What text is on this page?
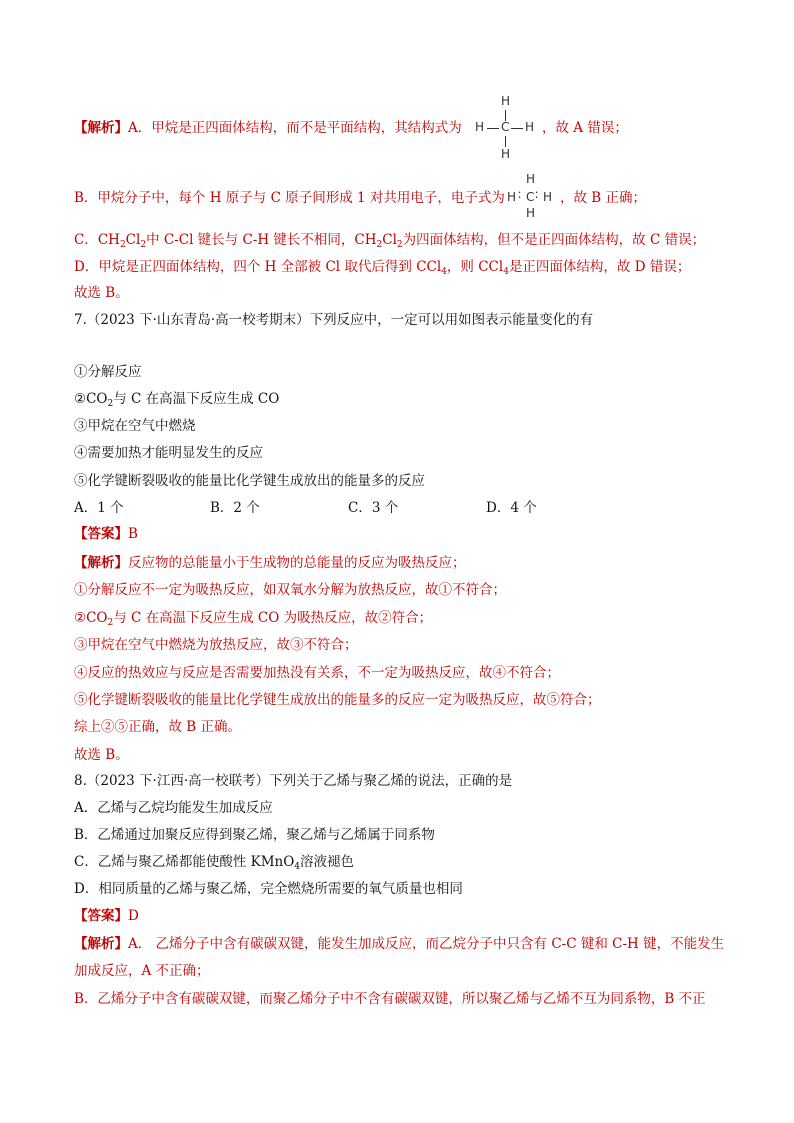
【解析】A．甲烷是正四面体结构，而不是平面结构，其结构式为
H
H C H
H
，故 A 错误；
B．甲烷分子中，每个 H 原子与 C 原子间形成 1 对共用电子，电子式为
H
H ∶ C ∶ H
H
，故 B 正确；
C．$CH_2Cl_2$中 C-Cl 键长与 C-H 键长不相同，$CH_2Cl_2$为四面体结构，但不是正四面体结构，故 C 错误；
D．甲烷是正四面体结构，四个 H 全部被 Cl 取代后得到 CCl$_4$，则 CCl$_4$是正四面体结构，故 D 错误；
故选 B。
7.（2023 下·山东青岛·高一校考期末）下列反应中，一定可以用如图表示能量变化的有
①分解反应
$②CO_2$与 C 在高温下反应生成 CO
③甲烷在空气中燃烧
④需要加热才能明显发生的反应
⑤化学键断裂吸收的能量比化学键生成放出的能量多的反应
A．1 个	B．2 个	C．3 个	D．4 个
【答案】B
【解析】反应物的总能量小于生成物的总能量的反应为吸热反应；
①分解反应不一定为吸热反应，如双氧水分解为放热反应，故①不符合；
$②CO_2$与 C 在高温下反应生成 CO 为吸热反应，故②符合；
③甲烷在空气中燃烧为放热反应，故③不符合；
④反应的热效应与反应是否需要加热没有关系，不一定为吸热反应，故④不符合；
⑤化学键断裂吸收的能量比化学键生成放出的能量多的反应一定为吸热反应，故⑤符合；
综上②⑤正确，故 B 正确。
故选 B。
8.（2023 下·江西·高一校联考）下列关于乙烯与聚乙烯的说法，正确的是
A．乙烯与乙烷均能发生加成反应
B．乙烯通过加聚反应得到聚乙烯，聚乙烯与乙烯属于同系物
C．乙烯与聚乙烯都能使酸性 KMnO$_4$溶液褪色
D．相同质量的乙烯与聚乙烯，完全燃烧所需要的氧气质量也相同
【答案】D
【解析】A． 乙烯分子中含有碳碳双键，能发生加成反应，而乙烷分子中只含有 C-C 键和 C-H 键，不能发生
加成反应，A 不正确；
B．乙烯分子中含有碳碳双键，而聚乙烯分子中不含有碳碳双键，所以聚乙烯与乙烯不互为同系物，B 不正
